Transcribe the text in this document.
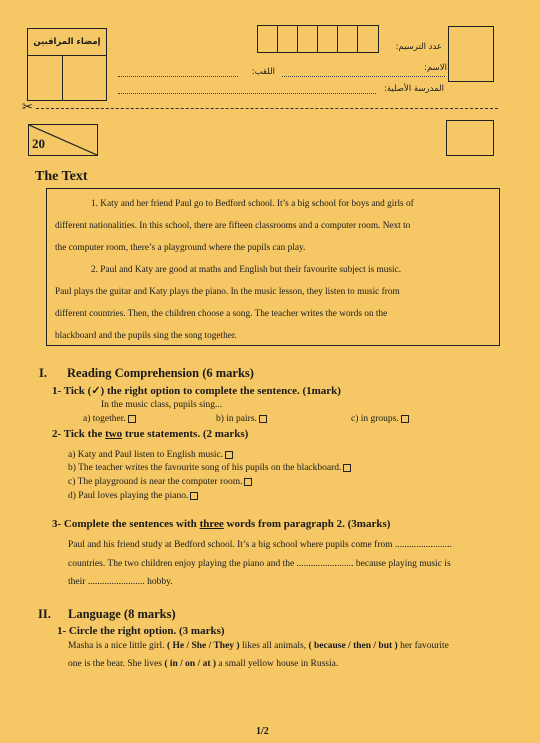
إمضاء المراقبين	عدد الترسيم:
اللقب:	الاسم:
المدرسة الأصلية:
✂
20
The Text
1. Katy and her friend Paul go to Bedford school. It’s a big school for boys and girls of
different nationalities. In this school, there are fifteen classrooms and a computer room. Next to
the computer room, there’s a playground where the pupils can play.
2. Paul and Katy are good at maths and English but their favourite subject is music.
Paul plays the guitar and Katy plays the piano. In the music lesson, they listen to music from
different countries. Then, the children choose a song. The teacher writes the words on the
blackboard and the pupils sing the song together.
I. Reading Comprehension (6 marks)
1- Tick (✓) the right option to complete the sentence. (1mark)
In the music class, pupils sing...
a) together.	b) in pairs.	c) in groups.
2- Tick the two true statements. (2 marks)
a) Katy and Paul listen to English music.
b) The teacher writes the favourite song of his pupils on the blackboard.
c) The playground is near the computer room.
d) Paul loves playing the piano.
3- Complete the sentences with three words from paragraph 2. (3marks)
Paul and his friend study at Bedford school. It’s a big school where pupils come from ........................
countries. The two children enjoy playing the piano and the ........................ because playing music is
their ........................ hobby.
II. Language (8 marks)
1- Circle the right option. (3 marks)
Masha is a nice little girl. ( He / She / They ) likes all animals, ( because / then / but ) her favourite
one is the bear. She lives ( in / on / at ) a small yellow house in Russia.
1/2
